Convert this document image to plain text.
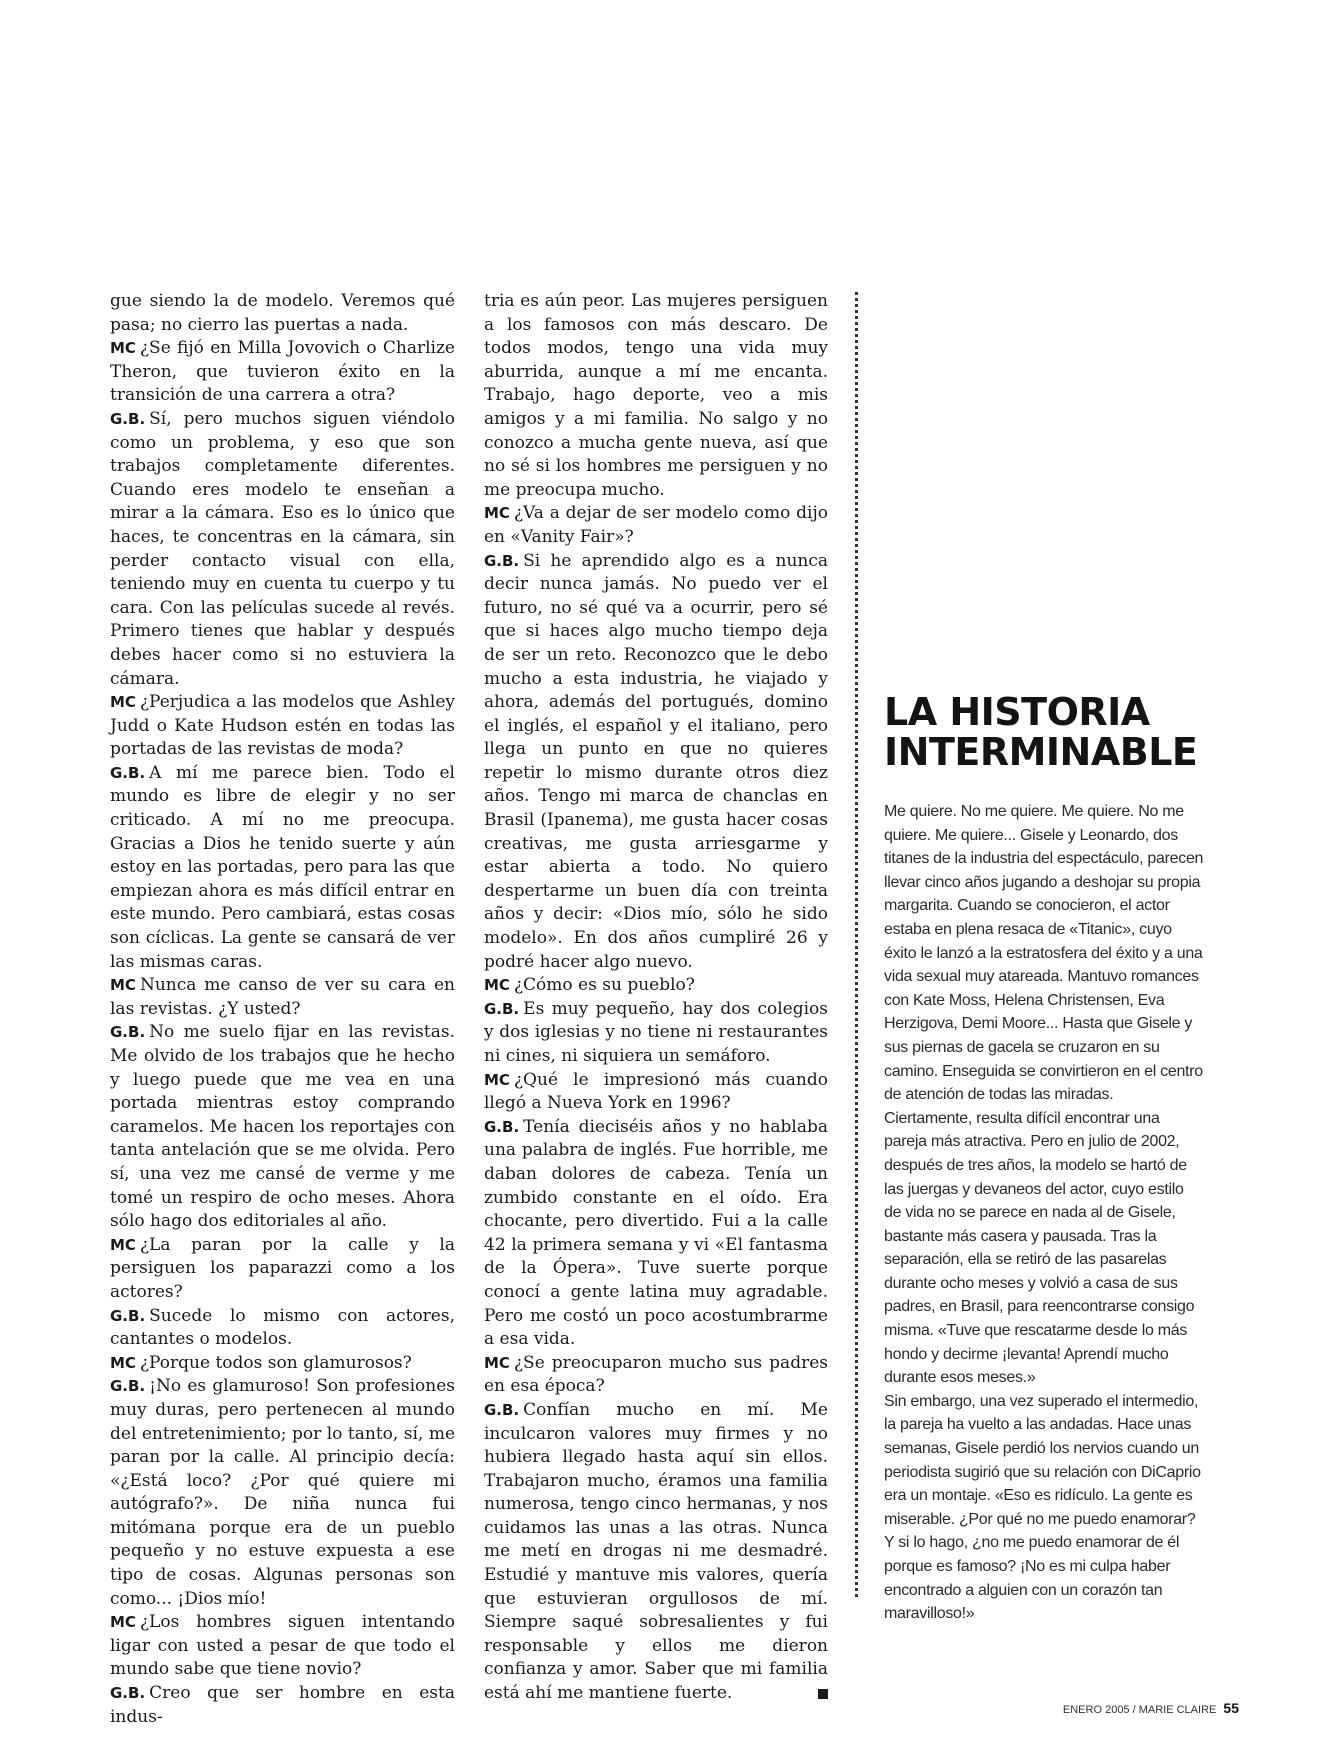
gue siendo la de modelo. Veremos qué pasa; no cierro las puertas a nada.

MC ¿Se fijó en Milla Jovovich o Charlize Theron, que tuvieron éxito en la transición de una carrera a otra?

G.B. Sí, pero muchos siguen viéndolo como un problema, y eso que son trabajos completamente diferentes. Cuando eres modelo te enseñan a mirar a la cámara. Eso es lo único que haces, te concentras en la cámara, sin perder contacto visual con ella, teniendo muy en cuenta tu cuerpo y tu cara. Con las películas sucede al revés. Primero tienes que hablar y después debes hacer como si no estuviera la cámara.

MC ¿Perjudica a las modelos que Ashley Judd o Kate Hudson estén en todas las portadas de las revistas de moda?

G.B. A mí me parece bien. Todo el mundo es libre de elegir y no ser criticado. A mí no me preocupa. Gracias a Dios he tenido suerte y aún estoy en las portadas, pero para las que empiezan ahora es más difícil entrar en este mundo. Pero cambiará, estas cosas son cíclicas. La gente se cansará de ver las mismas caras.

MC Nunca me canso de ver su cara en las revistas. ¿Y usted?

G.B. No me suelo fijar en las revistas. Me olvido de los trabajos que he hecho y luego puede que me vea en una portada mientras estoy comprando caramelos. Me hacen los reportajes con tanta antelación que se me olvida. Pero sí, una vez me cansé de verme y me tomé un respiro de ocho meses. Ahora sólo hago dos editoriales al año.

MC ¿La paran por la calle y la persiguen los paparazzi como a los actores?

G.B. Sucede lo mismo con actores, cantantes o modelos.

MC ¿Porque todos son glamurosos?

G.B. ¡No es glamuroso! Son profesiones muy duras, pero pertenecen al mundo del entretenimiento; por lo tanto, sí, me paran por la calle. Al principio decía: «¿Está loco? ¿Por qué quiere mi autógrafo?». De niña nunca fui mitómana porque era de un pueblo pequeño y no estuve expuesta a ese tipo de cosas. Algunas personas son como... ¡Dios mío!

MC ¿Los hombres siguen intentando ligar con usted a pesar de que todo el mundo sabe que tiene novio?

G.B. Creo que ser hombre en esta indus-

tria es aún peor. Las mujeres persiguen a los famosos con más descaro. De todos modos, tengo una vida muy aburrida, aunque a mí me encanta. Trabajo, hago deporte, veo a mis amigos y a mi familia. No salgo y no conozco a mucha gente nueva, así que no sé si los hombres me persiguen y no me preocupa mucho.

MC ¿Va a dejar de ser modelo como dijo en «Vanity Fair»?

G.B. Si he aprendido algo es a nunca decir nunca jamás. No puedo ver el futuro, no sé qué va a ocurrir, pero sé que si haces algo mucho tiempo deja de ser un reto. Reconozco que le debo mucho a esta industria, he viajado y ahora, además del portugués, domino el inglés, el español y el italiano, pero llega un punto en que no quieres repetir lo mismo durante otros diez años. Tengo mi marca de chanclas en Brasil (Ipanema), me gusta hacer cosas creativas, me gusta arriesgarme y estar abierta a todo. No quiero despertarme un buen día con treinta años y decir: «Dios mío, sólo he sido modelo». En dos años cumpliré 26 y podré hacer algo nuevo.

MC ¿Cómo es su pueblo?

G.B. Es muy pequeño, hay dos colegios y dos iglesias y no tiene ni restaurantes ni cines, ni siquiera un semáforo.

MC ¿Qué le impresionó más cuando llegó a Nueva York en 1996?

G.B. Tenía dieciséis años y no hablaba una palabra de inglés. Fue horrible, me daban dolores de cabeza. Tenía un zumbido constante en el oído. Era chocante, pero divertido. Fui a la calle 42 la primera semana y vi «El fantasma de la Ópera». Tuve suerte porque conocí a gente latina muy agradable. Pero me costó un poco acostumbrarme a esa vida.

MC ¿Se preocuparon mucho sus padres en esa época?

G.B. Confían mucho en mí. Me inculcaron valores muy firmes y no hubiera llegado hasta aquí sin ellos. Trabajaron mucho, éramos una familia numerosa, tengo cinco hermanas, y nos cuidamos las unas a las otras. Nunca me metí en drogas ni me desmadré. Estudié y mantuve mis valores, quería que estuvieran orgullosos de mí. Siempre saqué sobresalientes y fui responsable y ellos me dieron confianza y amor. Saber que mi familia está ahí me mantiene fuerte.

LA HISTORIA
INTERMINABLE

Me quiere. No me quiere. Me quiere. No me quiere. Me quiere... Gisele y Leonardo, dos titanes de la industria del espectáculo, parecen llevar cinco años jugando a deshojar su propia margarita. Cuando se conocieron, el actor estaba en plena resaca de «Titanic», cuyo éxito le lanzó a la estratosfera del éxito y a una vida sexual muy atareada. Mantuvo romances con Kate Moss, Helena Christensen, Eva Herzigova, Demi Moore... Hasta que Gisele y sus piernas de gacela se cruzaron en su camino. Enseguida se convirtieron en el centro de atención de todas las miradas. Ciertamente, resulta difícil encontrar una pareja más atractiva. Pero en julio de 2002, después de tres años, la modelo se hartó de las juergas y devaneos del actor, cuyo estilo de vida no se parece en nada al de Gisele, bastante más casera y pausada. Tras la separación, ella se retiró de las pasarelas durante ocho meses y volvió a casa de sus padres, en Brasil, para reencontrarse consigo misma. «Tuve que rescatarme desde lo más hondo y decirme ¡levanta! Aprendí mucho durante esos meses.»

Sin embargo, una vez superado el intermedio, la pareja ha vuelto a las andadas. Hace unas semanas, Gisele perdió los nervios cuando un periodista sugirió que su relación con DiCaprio era un montaje. «Eso es ridículo. La gente es miserable. ¿Por qué no me puedo enamorar? Y si lo hago, ¿no me puedo enamorar de él porque es famoso? ¡No es mi culpa haber encontrado a alguien con un corazón tan maravilloso!»

ENERO 2005 / MARIE CLAIRE 55
